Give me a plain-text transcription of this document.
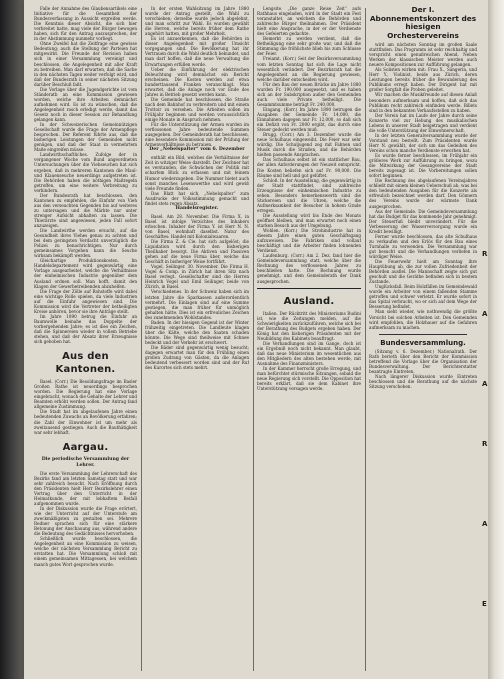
Falle der Annahme des Glaubensartikels eine Initiative für die Gesamtheit der Bundesverfassung in Aussicht ergreifen werde. Die Kenntnis dieser Absicht, die sich hier verbreitet hatte, mag viele der Bürger bewogen haben, sich für den Antrag auszusprechen, der in der Abstimmung nunmehr vorliegt.

Ohne Zweifel hat die Zeitfrage eine gewisse Bedeutung; auch die Stellung der Parteien hat mitgewirkt. Die Freunde der Revision haben sich in einer Versammlung vereinigt und beschlossen, die Angelegenheit mit aller Kraft zu betreiben. Man darf erwarten, daß die Sache in den nächsten Tagen weiter verfolgt wird, und daß der Bundesrath in seiner nächsten Sitzung darüber Beschluß faßt.

Die Vorlage über die Jugendgerichte ist vom Ständerath an eine Kommission gewiesen worden, welche ihre Arbeiten demnächst aufnehmen wird. Es ist zu wünschen, daß die Angelegenheit rasch erledigt werde, damit das Gesetz noch in dieser Session zur Behandlung gelangen kann.

In der Schweizerischen Gemeinnützigen Gesellschaft wurde die Frage der Armenpflege besprochen. Der Referent führte aus, daß die bisherigen Leistungen der Gemeinden nicht genügen, und daß der Staat in vermehrtem Maße eingreifen müsse.

Landwirthschaftliches. Zufolge der in vergangener Woche vom Bund angeordneten Untersuchungen über die Viehseuchen hat sich ergeben, daß in mehreren Kantonen die Maul- und Klauenseuche neuerdings aufgetreten ist. Die Behörden haben die nöthigen Maßregeln getroffen, um eine weitere Verbreitung zu verhindern.

Der Bundesrath hat beschlossen, den Kantonen zu empfehlen, die Einfuhr von Vieh aus den verseuchten Gegenden bis auf weiteres zu untersagen und die Märkte nur unter strenger Aufsicht abhalten zu lassen. Die Thierärzte sind angewiesen, jeden Fall sofort anzuzeigen.

Die Landwirthe werden ersucht, auf die Gesundheit ihres Viehes genau zu achten und bei dem geringsten Verdacht unverzüglich die Polizei zu benachrichtigen. Nur durch gemeinsames Vorgehen kann die Seuche wirksam bekämpft werden.

Gleichartige Produktionskosten. Im Handelsdepartement wird gegenwärtig eine Vorlage ausgearbeitet, welche die Verhältnisse der einheimischen Industrie gegenüber dem Ausland ordnen soll. Man hofft, damit den Klagen der Gewerbetreibenden abzuhelfen.

Die Frage der Zölle auf Rohstoffe wird dabei eine wichtige Rolle spielen, da viele Industrien auf die Einfuhr angewiesen sind. Die Kommission wird die Vertreter der betheiligten Kreise anhören, bevor sie ihre Anträge stellt.

Im Jahre 1890 betrug die Einfuhr an Baumwolle beinahe das Doppelte der vorhergehenden Jahre; es ist dies ein Zeichen, daß die Spinnereien wieder in vollem Betriebe stehen, und daß der Absatz ihrer Erzeugnisse sich gehoben hat.

Aus den Kantonen.

Basel. (Corr.) Die Besoldungsfrage im Basler Großen Rathe ist neuerdings besprochen worden. Die Regierung hat eine Vorlage eingebracht, wonach die Gehalte der Lehrer und Beamten erhöht werden sollen. Der Antrag fand allgemeine Zustimmung.

Die Stadt hat im abgelaufenen Jahre einen bedeutenden Zuwachs an Bevölkerung erfahren; die Zahl der Einwohner ist um mehr als zweitausend gestiegen. Auch die Bauthätigkeit war sehr lebhaft.

Aargau.
Die periodische Versammlung der Lehrer.

Die erste Versammlung der Lehrerschaft des Bezirks fand am letzten Samstag statt und war sehr zahlreich besucht. Nach Eröffnung durch den Präsidenten hielt Herr Bezirkslehrer einen Vortrag über den Unterricht in der Heimatkunde, der mit lebhaftem Beifall aufgenommen wurde.

In der Diskussion wurde die Frage erörtert, wie der Unterricht auf der Unterstufe am zweckmäßigsten zu gestalten sei. Mehrere Redner sprachen sich für eine stärkere Betonung der Anschauung aus, während andere die Bedeutung des Gedächtnisses hervorhoben.

Schließlich wurde beschlossen, die Angelegenheit an eine Kommission zu weisen, welche der nächsten Versammlung Bericht zu erstatten hat. Die Versammlung schloß mit einem gemeinsamen Mittagessen, bei welchem manch gutes Wort gesprochen wurde.

In der ersten Wahlsitzung im Jahre 1880 wurde der Antrag gestellt, die Wahl zu verschieben; derselbe wurde jedoch abgelehnt, und man schritt zur Wahl. Es wurden gewählt die Herren, welche bereits früher dem Rathe angehört hatten, mit großer Mehrheit.

Es ist anzuerkennen, daß die Behörden in dieser Angelegenheit mit großer Umsicht vorgegangen sind. Die Bevölkerung hat ihr Vertrauen durch die Wahl deutlich bekundet, und man darf hoffen, daß die neue Verwaltung die Erwartungen erfüllen werde.

Ueber die Einführung der elektrischen Beleuchtung wird demnächst ein Bericht erscheinen. Die Kosten werden auf etwa hunderttausend Franken veranschlagt. Man erwartet, daß die Anlage noch vor Ende des Jahres in Betrieb gesetzt werden kann.

Die Gemeinde hat beschlossen, die Straße nach dem Bahnhof zu verbreitern und mit einem Trottoir zu versehen. Die Arbeiten sollen im Frühjahr beginnen und werden voraussichtlich einige Monate in Anspruch nehmen.

Für die Unterstützung der Armen wurden im verflossenen Jahre bedeutende Summen ausgegeben. Der Gemeinderath hat beschlossen, eine besondere Kommission mit der Prüfung der Armenverhältnisse zu betrauen.

Der „Nebelspalter“ vom 6. Dezember

enthält ein Bild, welches die Verhältnisse der Zeit in witziger Weise darstellt. Der Zeichner hat es verstanden, die Schwächen der Politik mit scharfem Blick zu erfassen und mit feinem Humor wiederzugeben. Die Nummer bietet auch sonst manches Lesenswerthe und wird gewiß viele Freunde finden.

Das Blatt hat sich, „Nebelspalter“ zum Ausdrucke der Volksstimmung gemacht und findet stets regen Absatz.

Handelsregister.

Basel. Am 28. November. Die Firma X. in Basel ist infolge Verzichtes des Inhabers erloschen. Inhaber der Firma Y. ist Herr N. N. von Basel, wohnhaft daselbst. Natur des Geschäftes: Handel mit Kolonialwaaren.

Die Firma Z. & Cie. hat sich aufgelöst; die Liquidation wird durch den bisherigen Theilhaber besorgt. Die Aktiven und Passiven gehen auf die neue Firma über, welche das Geschäft in bisheriger Weise fortführt.

Vogel, Seilinger. 30. November. Die Firma H. Vogel & Comp. in Zürich hat ihren Sitz nach Basel verlegt. Gesellschafter sind die Herren Heinrich Vogel und Emil Seilinger, beide von Zürich, in Basel.

Verschiedenes. In der Schweiz haben sich im letzten Jahre die Sparkassen außerordentlich vermehrt. Die Einlagen sind auf eine Summe gestiegen, die man früher für unmöglich gehalten hätte. Dies ist ein erfreuliches Zeichen des zunehmenden Wohlstandes.

Baden. In der hiesigen Gegend ist der Winter frühzeitig eingetreten. Die Landleute klagen über die Kälte, welche den Saaten schaden könnte. Die Wege sind theilweise mit Schnee bedeckt und der Verkehr ist erschwert.

Die Bäder sind gegenwärtig wenig besucht; dagegen erwartet man für den Frühling einen großen Zudrang von Gästen, da die Anlagen bedeutend verbessert worden sind und der Ruf des Kurortes sich stets mehrt.

Lengsite. „Die ganze Reise Zeit“ aufs Rathhaus eingeladen, wird in der Stadt ein Fest veranstaltet, an welchem die Behörden und zahlreiche Bürger theilnahmen. Der Präsident hielt eine Ansprache, in der er der Verdienste des Gefeierten gedachte.

Bemerkt zu werden verdient, daß die Betheiligung eine sehr große war, und daß die Stimmung die fröhlichste blieb bis zum Schlusse der Feier.

Freiamt. (Korr.) Seit der Bezirksversammlung vom letzten Sonntag hat sich die Lage nicht wesentlich verändert. Der Bezirksrath hat die Angelegenheit an die Regierung gewiesen, welche darüber entscheiden wird.

Für den Bau der neuen Brücke im Jahre 1880 wurden Fr. 190,000 ausgesetzt, und es haben sich an der Subskription außer den Gemeinden auch viele Private betheiligt. Die Gesammtsumme beträgt Fr. 240,000.

Eingang. (Korr.) Im Jahre 1890 betrugen die Ausgaben der Gemeinde Fr. 14,000, die Einnahmen dagegen nur Fr. 12,000, so daß sich ein Defizit von Fr. 2000 ergibt, das durch eine Steuer gedeckt werden muß.

Brugg. (Corr.) Am 3. Dezember wurde die neue Schulhaus eingeweiht. Die Feier war sehr würdig. Die Schuljugend zog mit Fahnen und Musik durch die Straßen, und die Behörden hielten passende Ansprachen.

Das Schulhaus selbst ist ein stattlicher Bau, der allen Anforderungen der Neuzeit entspricht. Die Kosten beliefen sich auf Fr. 90,000. Die Räume sind hell und gut gelüftet.

Schloß. In der Ausstellung, die gegenwärtig in der Stadt stattfindet, sind zahlreiche Erzeugnisse der einheimischen Industrie zu sehen. Besonders bemerkenswerth sind die Stickereien und die Uhren, welche die Aufmerksamkeit der Besucher in hohem Grade erregen.

Die Ausstellung wird bis Ende des Monats geöffnet bleiben, und man erwartet noch einen starken Besuch aus der Umgebung.

Wohlen. (Korr.) Die Strohindustrie hat in diesem Jahre einen guten Geschäftsgang aufzuweisen. Die Fabriken sind vollauf beschäftigt und die Arbeiter finden lohnenden Verdienst.

Laufenburg. (Corr.) Am 2. Dez. fand hier die Gemeindeversammlung statt, welche über die Rechnung des verflossenen Jahres zu beschließen hatte. Die Rechnung wurde genehmigt, und dem Gemeinderath der Dank ausgesprochen.

Ausland.

Italien. Der Rücktritt des Ministeriums Rudini ist, wie die Zeitungen melden, auf die Schwierigkeiten zurückzuführen, welche sich bei der Berathung des Budgets ergeben haben. Der König hat den bisherigen Präsidenten mit der Neubildung des Kabinets beauftragt.

Die Verhandlungen sind im Gange, doch ist ein Ergebniß noch nicht bekannt. Man glaubt, daß das neue Ministerium im wesentlichen aus den Mitgliedern des alten bestehen werde, mit Ausnahme des Finanzministers.

In der Kammer herrscht große Erregung, und man befürchtet stürmische Sitzungen, sobald die neue Regierung sich vorstellt. Die Opposition hat bereits erklärt, daß sie dem Kabinet ihre Unterstützung versagen werde.

Der I. Abonnementskonzert des hiesigen
Orchestervereins

wird am nächsten Sonntag im großen Saale stattfinden. Das Programm ist sehr reichhaltig und verspricht einen genußreichen Abend. Neben Werken der klassischen Meister werden auch neuere Kompositionen zur Aufführung gelangen.

Als Solisten wirken mit: Frau X., Sängerin, und Herr Y., Violinist, beide aus Zürich, deren Leistungen bereits früher die Bewunderung des Publikums erregt haben. Der Dirigent hat mit großer Sorgfalt die Proben geleitet.

Wir machen die Musikfreunde auf diesen Anlaß besonders aufmerksam und hoffen, daß sich das Publikum recht zahlreich einfinden werde. Billets sind in den bekannten Verkaufsstellen zu haben.

Der Verein hat im Laufe der Jahre durch seine Konzerte viel zur Hebung des musikalischen Lebens in unserer Stadt beigetragen und verdient die volle Unterstützung der Einwohnerschaft.

In der letzten Generalversammlung wurde der Vorstand neu bestellt. Zum Präsidenten wurde Herr N. gewählt, der sich um das Gedeihen des Vereins schon manche Verdienste erworben hat.

Es wurde ferner beschlossen, im Frühjahr ein größeres Werk zur Aufführung zu bringen, wozu die Mitwirkung der Gesangvereine der Stadt bereits zugesagt ist. Die Vorbereitungen sollen sofort beginnen.

Die Rechnung des abgelaufenen Vereinsjahres schließt mit einem kleinen Ueberschuß ab, was bei den bedeutenden Ausgaben für die Konzerte als erfreulich bezeichnet werden darf. Den Gönnern des Vereins wurde der wärmste Dank ausgesprochen.

Aus der Gemeinde. Die Gemeindeversammlung hat das Budget für das kommende Jahr genehmigt. Der Steuerfuß bleibt unverändert. Für die Verbesserung der Wasserversorgung wurde ein Kredit bewilligt.

Ferner wurde beschlossen, das alte Schulhaus zu verkaufen und den Erlös für den Bau eines Turnhalle zu verwenden. Die Versammlung war gut besucht und die Verhandlungen verliefen in würdiger Weise.

Die Feuerwehr hielt am Sonntag ihre Hauptübung ab, die zur vollen Zufriedenheit der Behörden ausfiel. Die Mannschaft zeigte sich gut geschult und die Geräthe befinden sich in bestem Zustande.

Unglücksfall. Beim Holzfällen im Gemeindewald wurde ein Arbeiter von einem fallenden Stamme getroffen und schwer verletzt. Er wurde sofort in das Spital verbracht, wo er sich auf dem Wege der Besserung befindet.

Man sieht wieder, wie nothwendig die größte Vorsicht bei solchen Arbeiten ist. Den Gemeinden wird empfohlen, die Holzhauer auf die Gefahren aufmerksam zu machen.

Bundesversammlung.

(Sitzung v. 6. Dezember.) Nationalrath. Der Rath berieth über den Bericht der Kommission betreffend die Vorlage über die Organisation der Bundesverwaltung. Der Berichterstatter beantragte Eintreten.

Nach längerer Diskussion wurde Eintreten beschlossen und die Berathung auf die nächste Sitzung verschoben.

R
A
A
R
A
E
